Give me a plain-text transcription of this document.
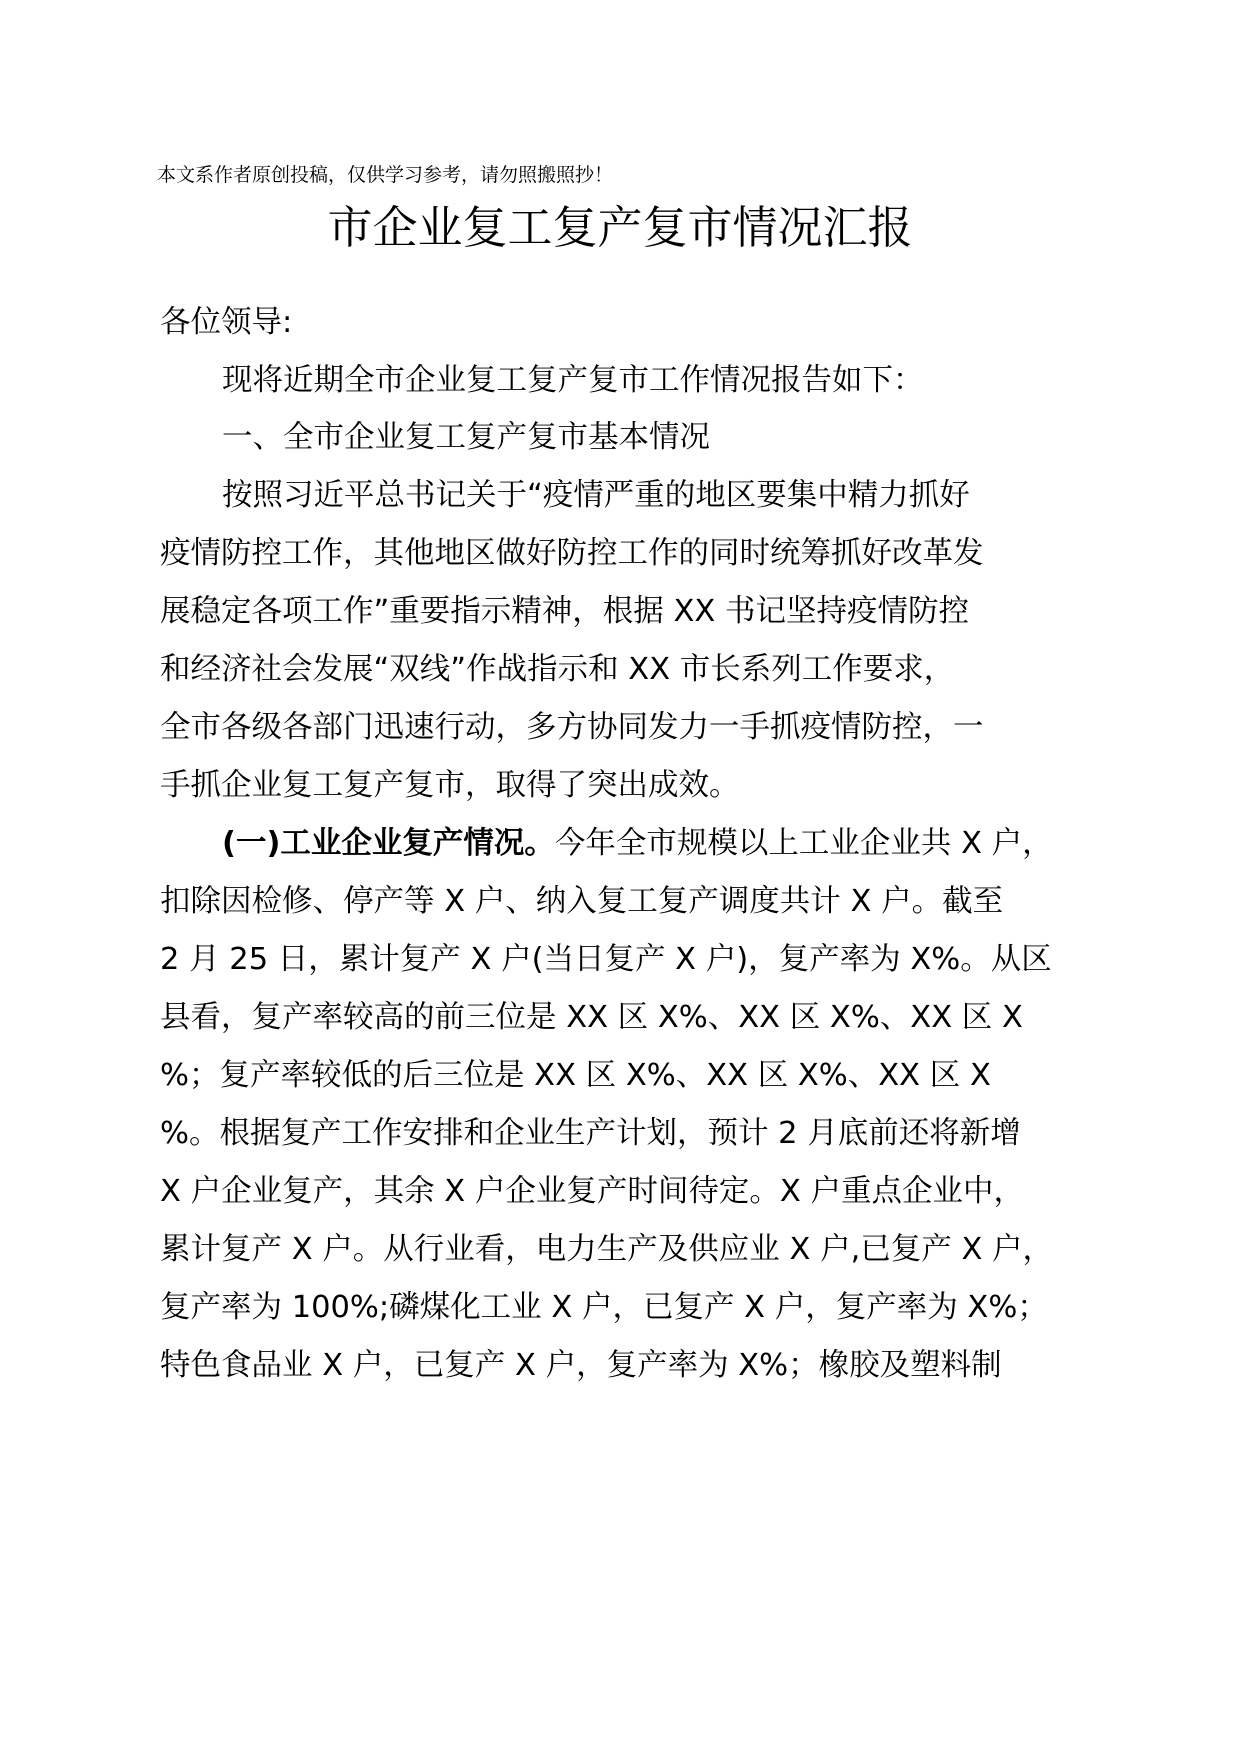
本文系作者原创投稿，仅供学习参考，请勿照搬照抄！
市企业复工复产复市情况汇报
各位领导:
现将近期全市企业复工复产复市工作情况报告如下：
一、全市企业复工复产复市基本情况
按照习近平总书记关于“疫情严重的地区要集中精力抓好
疫情防控工作，其他地区做好防控工作的同时统筹抓好改革发
展稳定各项工作”重要指示精神，根据 XX 书记坚持疫情防控
和经济社会发展“双线”作战指示和 XX 市长系列工作要求，
全市各级各部门迅速行动，多方协同发力一手抓疫情防控，一
手抓企业复工复产复市，取得了突出成效。
(一)工业企业复产情况。今年全市规模以上工业企业共 X 户，
扣除因检修、停产等 X 户、纳入复工复产调度共计 X 户。截至
2 月 25 日，累计复产 X 户(当日复产 X 户)，复产率为 X%。从区
县看，复产率较高的前三位是 XX 区 X%、XX 区 X%、XX 区 X
%；复产率较低的后三位是 XX 区 X%、XX 区 X%、XX 区 X
%。根据复产工作安排和企业生产计划，预计 2 月底前还将新增
X 户企业复产，其余 X 户企业复产时间待定。X 户重点企业中，
累计复产 X 户。从行业看，电力生产及供应业 X 户,已复产 X 户，
复产率为 100%;磷煤化工业 X 户，已复产 X 户，复产率为 X%；
特色食品业 X 户，已复产 X 户，复产率为 X%；橡胶及塑料制
